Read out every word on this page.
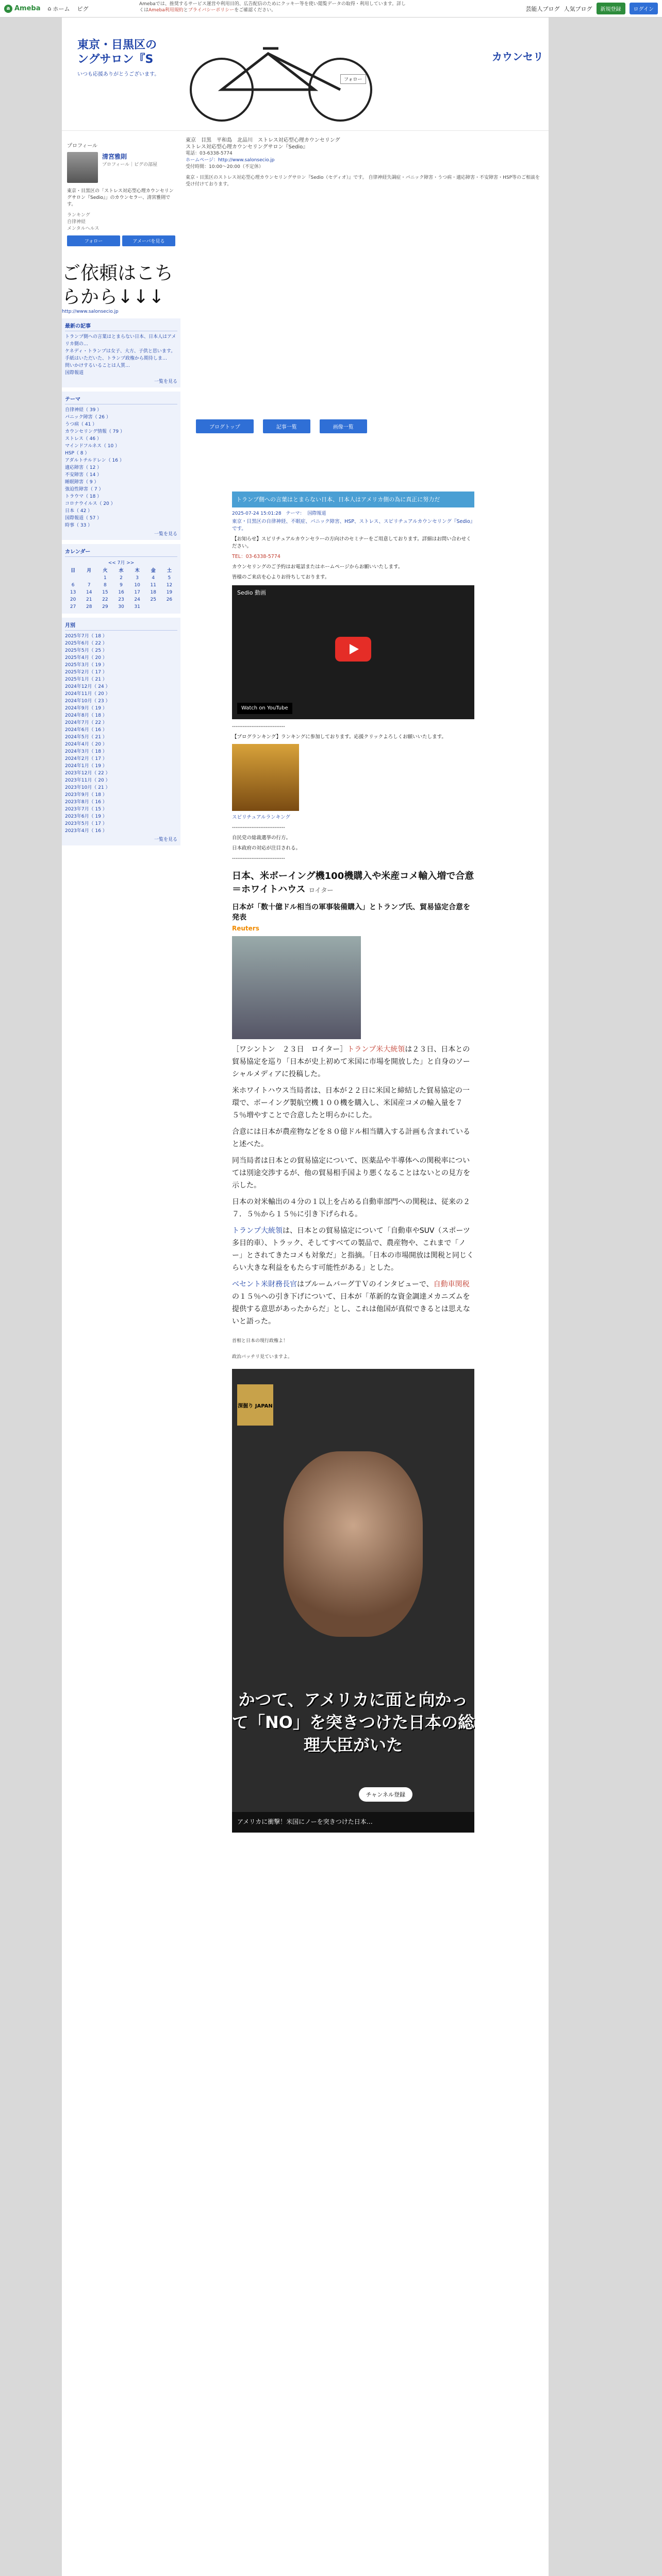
a Ameba ⌂ ホーム ピグ	芸能人ブログ 人気ブログ	新規登録	ログイン
Amebaでは、推奨するサービス運営や利用目的、広告配信のためにクッキー等を使い閲覧データの取得・利用しています。詳しくはAmeba利用規約とプライバシーポリシーをご確認ください。
東京・目黒区の
ングサロン『S
いつも応援ありがとうございます。
フォロー
カウンセリ
プロフィール
清宮雅則
プロフィール｜ピグの部屋
東京・目黒区の「ストレス対応型心理カウンセリングサロン『Sedio』」のカウンセラー、清宮雅則です。
ランキング
自律神経
メンタルヘルス
フォロー	アメーバを見る
ご依頼はこち
らから↓↓↓
http://www.salonsecio.jp
最新の記事
トランプ側への言葉はとまらない日本、日本人はアメリカ側の…
ケネディ・トランプは女子、大方、子供と思います。
手紙はいただいた、トランプ政権から期待しま…
問いかけするいることは人質…
国際報道
一覧を見る
テーマ
自律神経（ 39 ）
パニック障害（ 26 ）
うつ病（ 41 ）
カウンセリング情報（ 79 ）
ストレス（ 46 ）
マインドフルネス（ 10 ）
HSP（ 8 ）
アダルトチルドレン（ 16 ）
適応障害（ 12 ）
不安障害（ 14 ）
睡眠障害（ 9 ）
強迫性障害（ 7 ）
トラウマ（ 18 ）
コロナウイルス（ 20 ）
日本（ 42 ）
国際報道（ 57 ）
時事（ 33 ）
一覧を見る
カレンダー
<< 7月 >>
日	月	火	水	木	金	土
		1	2	3	4	5
6	7	8	9	10	11	12
13	14	15	16	17	18	19
20	21	22	23	24	25	26
27	28	29	30	31		
月別
2025年7月（ 18 ）
2025年6月（ 22 ）
2025年5月（ 25 ）
2025年4月（ 20 ）
2025年3月（ 19 ）
2025年2月（ 17 ）
2025年1月（ 21 ）
2024年12月（ 24 ）
2024年11月（ 20 ）
2024年10月（ 23 ）
2024年9月（ 19 ）
2024年8月（ 18 ）
2024年7月（ 22 ）
2024年6月（ 16 ）
2024年5月（ 21 ）
2024年4月（ 20 ）
2024年3月（ 18 ）
2024年2月（ 17 ）
2024年1月（ 19 ）
2023年12月（ 22 ）
2023年11月（ 20 ）
2023年10月（ 21 ）
2023年9月（ 18 ）
2023年8月（ 16 ）
2023年7月（ 15 ）
2023年6月（ 19 ）
2023年5月（ 17 ）
2023年4月（ 16 ）
一覧を見る
東京　目黒　平和島　北品川　ストレス対応型心理カウンセリング
ストレス対応型心理カウンセリングサロン『Sedio』
電話：03-6338-5774
ホームページ：http://www.salonsecio.jp
受付時間：10:00〜20:00（不定休）
東京・目黒区のストレス対応型心理カウンセリングサロン『Sedio（セディオ）』です。 自律神経失調症・パニック障害・うつ病・適応障害・不安障害・HSP等のご相談を受け付けております。
ブログトップ	記事一覧	画像一覧
トランプ側への言葉はとまらない日本、日本人はアメリカ側の為に真正に努力だ
2025-07-24 15:01:28 テーマ： 国際報道

東京・目黒区の自律神経、不眠症、パニック障害、HSP、ストレス、スピリチュアルカウンセリング『Sedio』です。

【お知らせ】スピリチュアルカウンセラーの方向けのセミナーをご用意しております。詳細はお問い合わせください。

TEL：03-6338-5774

カウンセリングのご予約はお電話またはホームページからお願いいたします。

皆様のご来店を心よりお待ちしております。

Sedio 動画
Watch on YouTube

------------------------------

【ブログランキング】ランキングに参加しております。応援クリックよろしくお願いいたします。

スピリチュアルランキング

------------------------------

自民党の総裁選挙の行方。

日本政府の対応が注目される。

------------------------------

日本、米ボーイング機100機購入や米産コメ輸入増で合意＝ホワイトハウス ロイター
日本が「数十億ドル相当の軍事装備購入」とトランプ氏、貿易協定合意を発表
Reuters
［ワシントン　２３日　ロイター］トランプ米大統領は２３日、日本との貿易協定を巡り「日本が史上初めて米国に市場を開放した」と自身のソーシャルメディアに投稿した。
米ホワイトハウス当局者は、日本が２２日に米国と締結した貿易協定の一環で、ボーイング製航空機１００機を購入し、米国産コメの輸入量を７５％増やすことで合意したと明らかにした。
合意には日本が農産物などを８０億ドル相当購入する計画も含まれていると述べた。
同当局者は日本との貿易協定について、医薬品や半導体への関税率については別途交渉するが、他の貿易相手国より悪くなることはないとの見方を示した。
日本の対米輸出の４分の１以上を占める自動車部門への関税は、従来の２７．５％から１５％に引き下げられる。
トランプ大統領は、日本との貿易協定について「自動車やSUV（スポーツ多目的車）、トラック、そしてすべての製品で、農産物や、これまで「ノー」とされてきたコメも対象だ」と指摘。「日本の市場開放は関税と同じくらい大きな利益をもたらす可能性がある」とした。
ベセント米財務長官はブルームバーグＴＶのインタビューで、自動車関税の１５％への引き下げについて、日本が「革新的な資金調達メカニズムを提供する意思があったからだ」とし、これは他国が真似できるとは思えないと語った。
首相と日本の現行政権よ！
政治バッチリ見ていますよ。
深掘り JAPAN
かつて、アメリカに面と向かって「NO」を突きつけた日本の総理大臣がいた
チャンネル登録
アメリカに衝撃！米国にノーを突きつけた日本…
